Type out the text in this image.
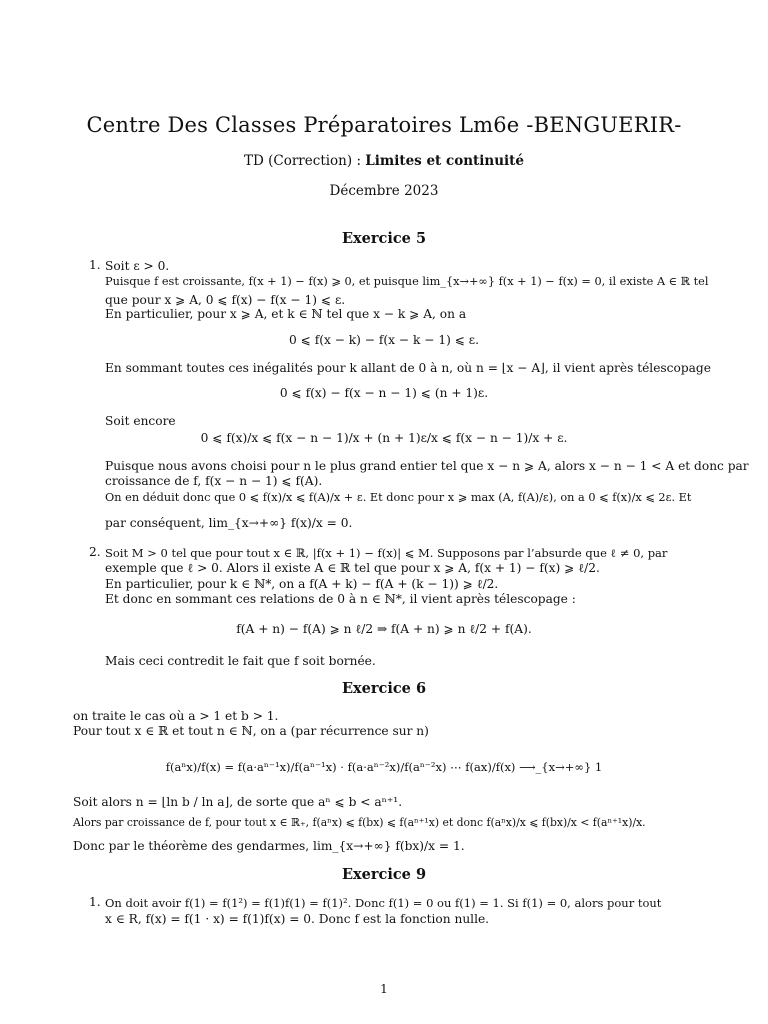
Centre Des Classes Préparatoires Lm6e -BENGUERIR-
TD (Correction) : Limites et continuité
Décembre 2023
Exercice 5
1. Soit ε > 0.
Puisque f est croissante, f(x + 1) − f(x) ⩾ 0, et puisque lim_{x→+∞} f(x + 1) − f(x) = 0, il existe A ∈ ℝ tel
que pour x ⩾ A, 0 ⩽ f(x) − f(x − 1) ⩽ ε.
En particulier, pour x ⩾ A, et k ∈ ℕ tel que x − k ⩾ A, on a
0 ⩽ f(x − k) − f(x − k − 1) ⩽ ε.
En sommant toutes ces inégalités pour k allant de 0 à n, où n = ⌊x − A⌋, il vient après télescopage
0 ⩽ f(x) − f(x − n − 1) ⩽ (n + 1)ε.
Soit encore
0 ⩽ f(x)/x ⩽ f(x − n − 1)/x + (n + 1)ε/x ⩽ f(x − n − 1)/x + ε.
Puisque nous avons choisi pour n le plus grand entier tel que x − n ⩾ A, alors x − n − 1 < A et donc par
croissance de f, f(x − n − 1) ⩽ f(A).
On en déduit donc que 0 ⩽ f(x)/x ⩽ f(A)/x + ε. Et donc pour x ⩾ max (A, f(A)/ε), on a 0 ⩽ f(x)/x ⩽ 2ε. Et
par conséquent, lim_{x→+∞} f(x)/x = 0.
2. Soit M > 0 tel que pour tout x ∈ ℝ, |f(x + 1) − f(x)| ⩽ M. Supposons par l’absurde que ℓ ≠ 0, par
exemple que ℓ > 0. Alors il existe A ∈ ℝ tel que pour x ⩾ A, f(x + 1) − f(x) ⩾ ℓ/2.
En particulier, pour k ∈ ℕ*, on a f(A + k) − f(A + (k − 1)) ⩾ ℓ/2.
Et donc en sommant ces relations de 0 à n ∈ ℕ*, il vient après télescopage :
f(A + n) − f(A) ⩾ n ℓ/2 ⇒ f(A + n) ⩾ n ℓ/2 + f(A).
Mais ceci contredit le fait que f soit bornée.
Exercice 6
on traite le cas où a > 1 et b > 1.
Pour tout x ∈ ℝ et tout n ∈ ℕ, on a (par récurrence sur n)
f(aⁿx)/f(x) = f(a·aⁿ⁻¹x)/f(aⁿ⁻¹x) · f(a·aⁿ⁻²x)/f(aⁿ⁻²x) ⋯ f(ax)/f(x) ⟶_{x→+∞} 1
Soit alors n = ⌊ln b / ln a⌋, de sorte que aⁿ ⩽ b < aⁿ⁺¹.
Alors par croissance de f, pour tout x ∈ ℝ₊, f(aⁿx) ⩽ f(bx) ⩽ f(aⁿ⁺¹x) et donc f(aⁿx)/x ⩽ f(bx)/x < f(aⁿ⁺¹x)/x.
Donc par le théorème des gendarmes, lim_{x→+∞} f(bx)/x = 1.
Exercice 9
1. On doit avoir f(1) = f(1²) = f(1)f(1) = f(1)². Donc f(1) = 0 ou f(1) = 1. Si f(1) = 0, alors pour tout
x ∈ R, f(x) = f(1 · x) = f(1)f(x) = 0. Donc f est la fonction nulle.
1
